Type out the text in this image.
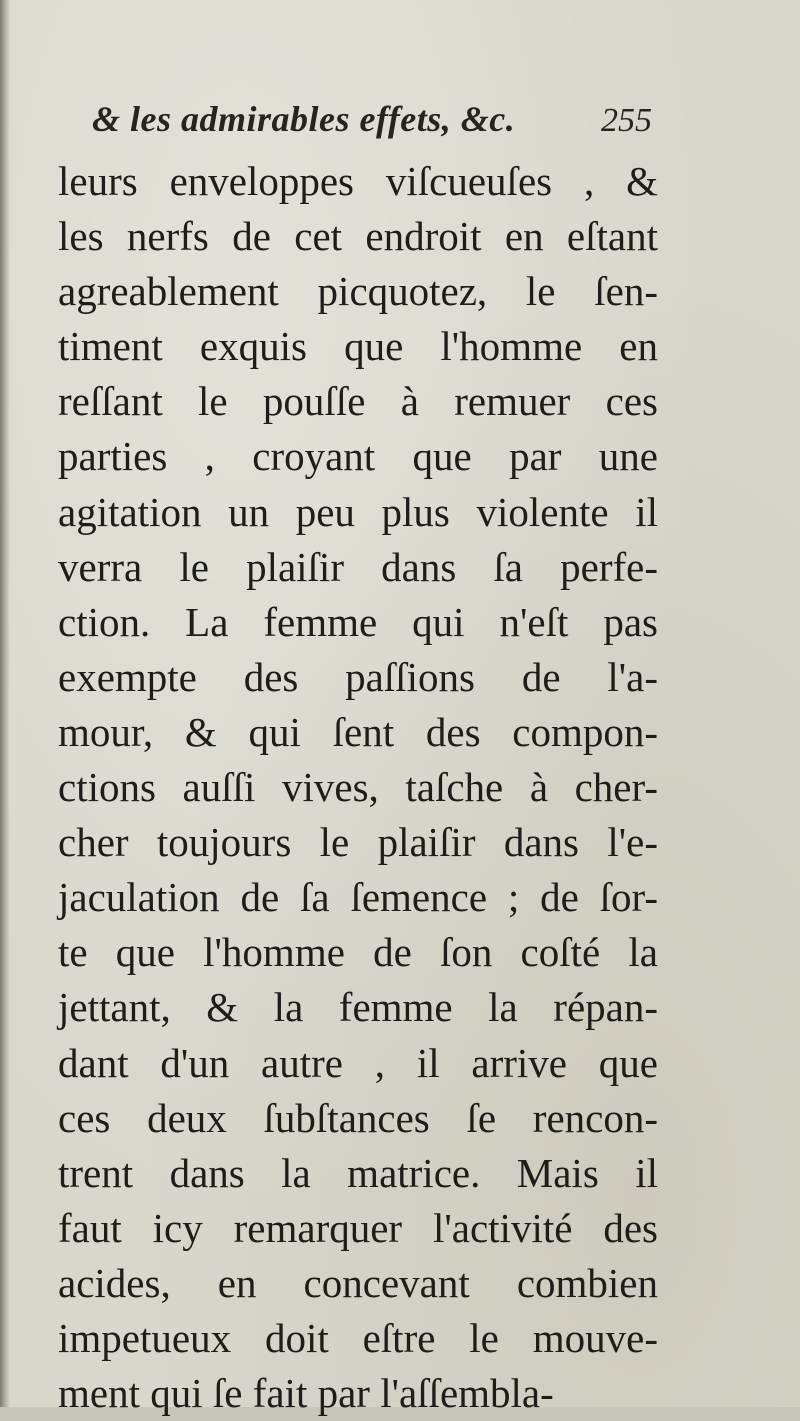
& les admirables effets, &c.	255
leurs enveloppes viſcueuſes , &
les nerfs de cet endroit en eſtant
agreablement picquotez, le ſen-
timent exquis que l'homme en
reſſant le pouſſe à remuer ces
parties , croyant que par une
agitation un peu plus violente il
verra le plaiſir dans ſa perfe-
ction. La femme qui n'eſt pas
exempte des paſſions de l'a-
mour, & qui ſent des compon-
ctions auſſi vives, taſche à cher-
cher toujours le plaiſir dans l'e-
jaculation de ſa ſemence ; de ſor-
te que l'homme de ſon coſté la
jettant, & la femme la répan-
dant d'un autre , il arrive que
ces deux ſubſtances ſe rencon-
trent dans la matrice. Mais il
faut icy remarquer l'activité des
acides, en concevant combien
impetueux doit eſtre le mouve-
ment qui ſe fait par l'aſſembla-
